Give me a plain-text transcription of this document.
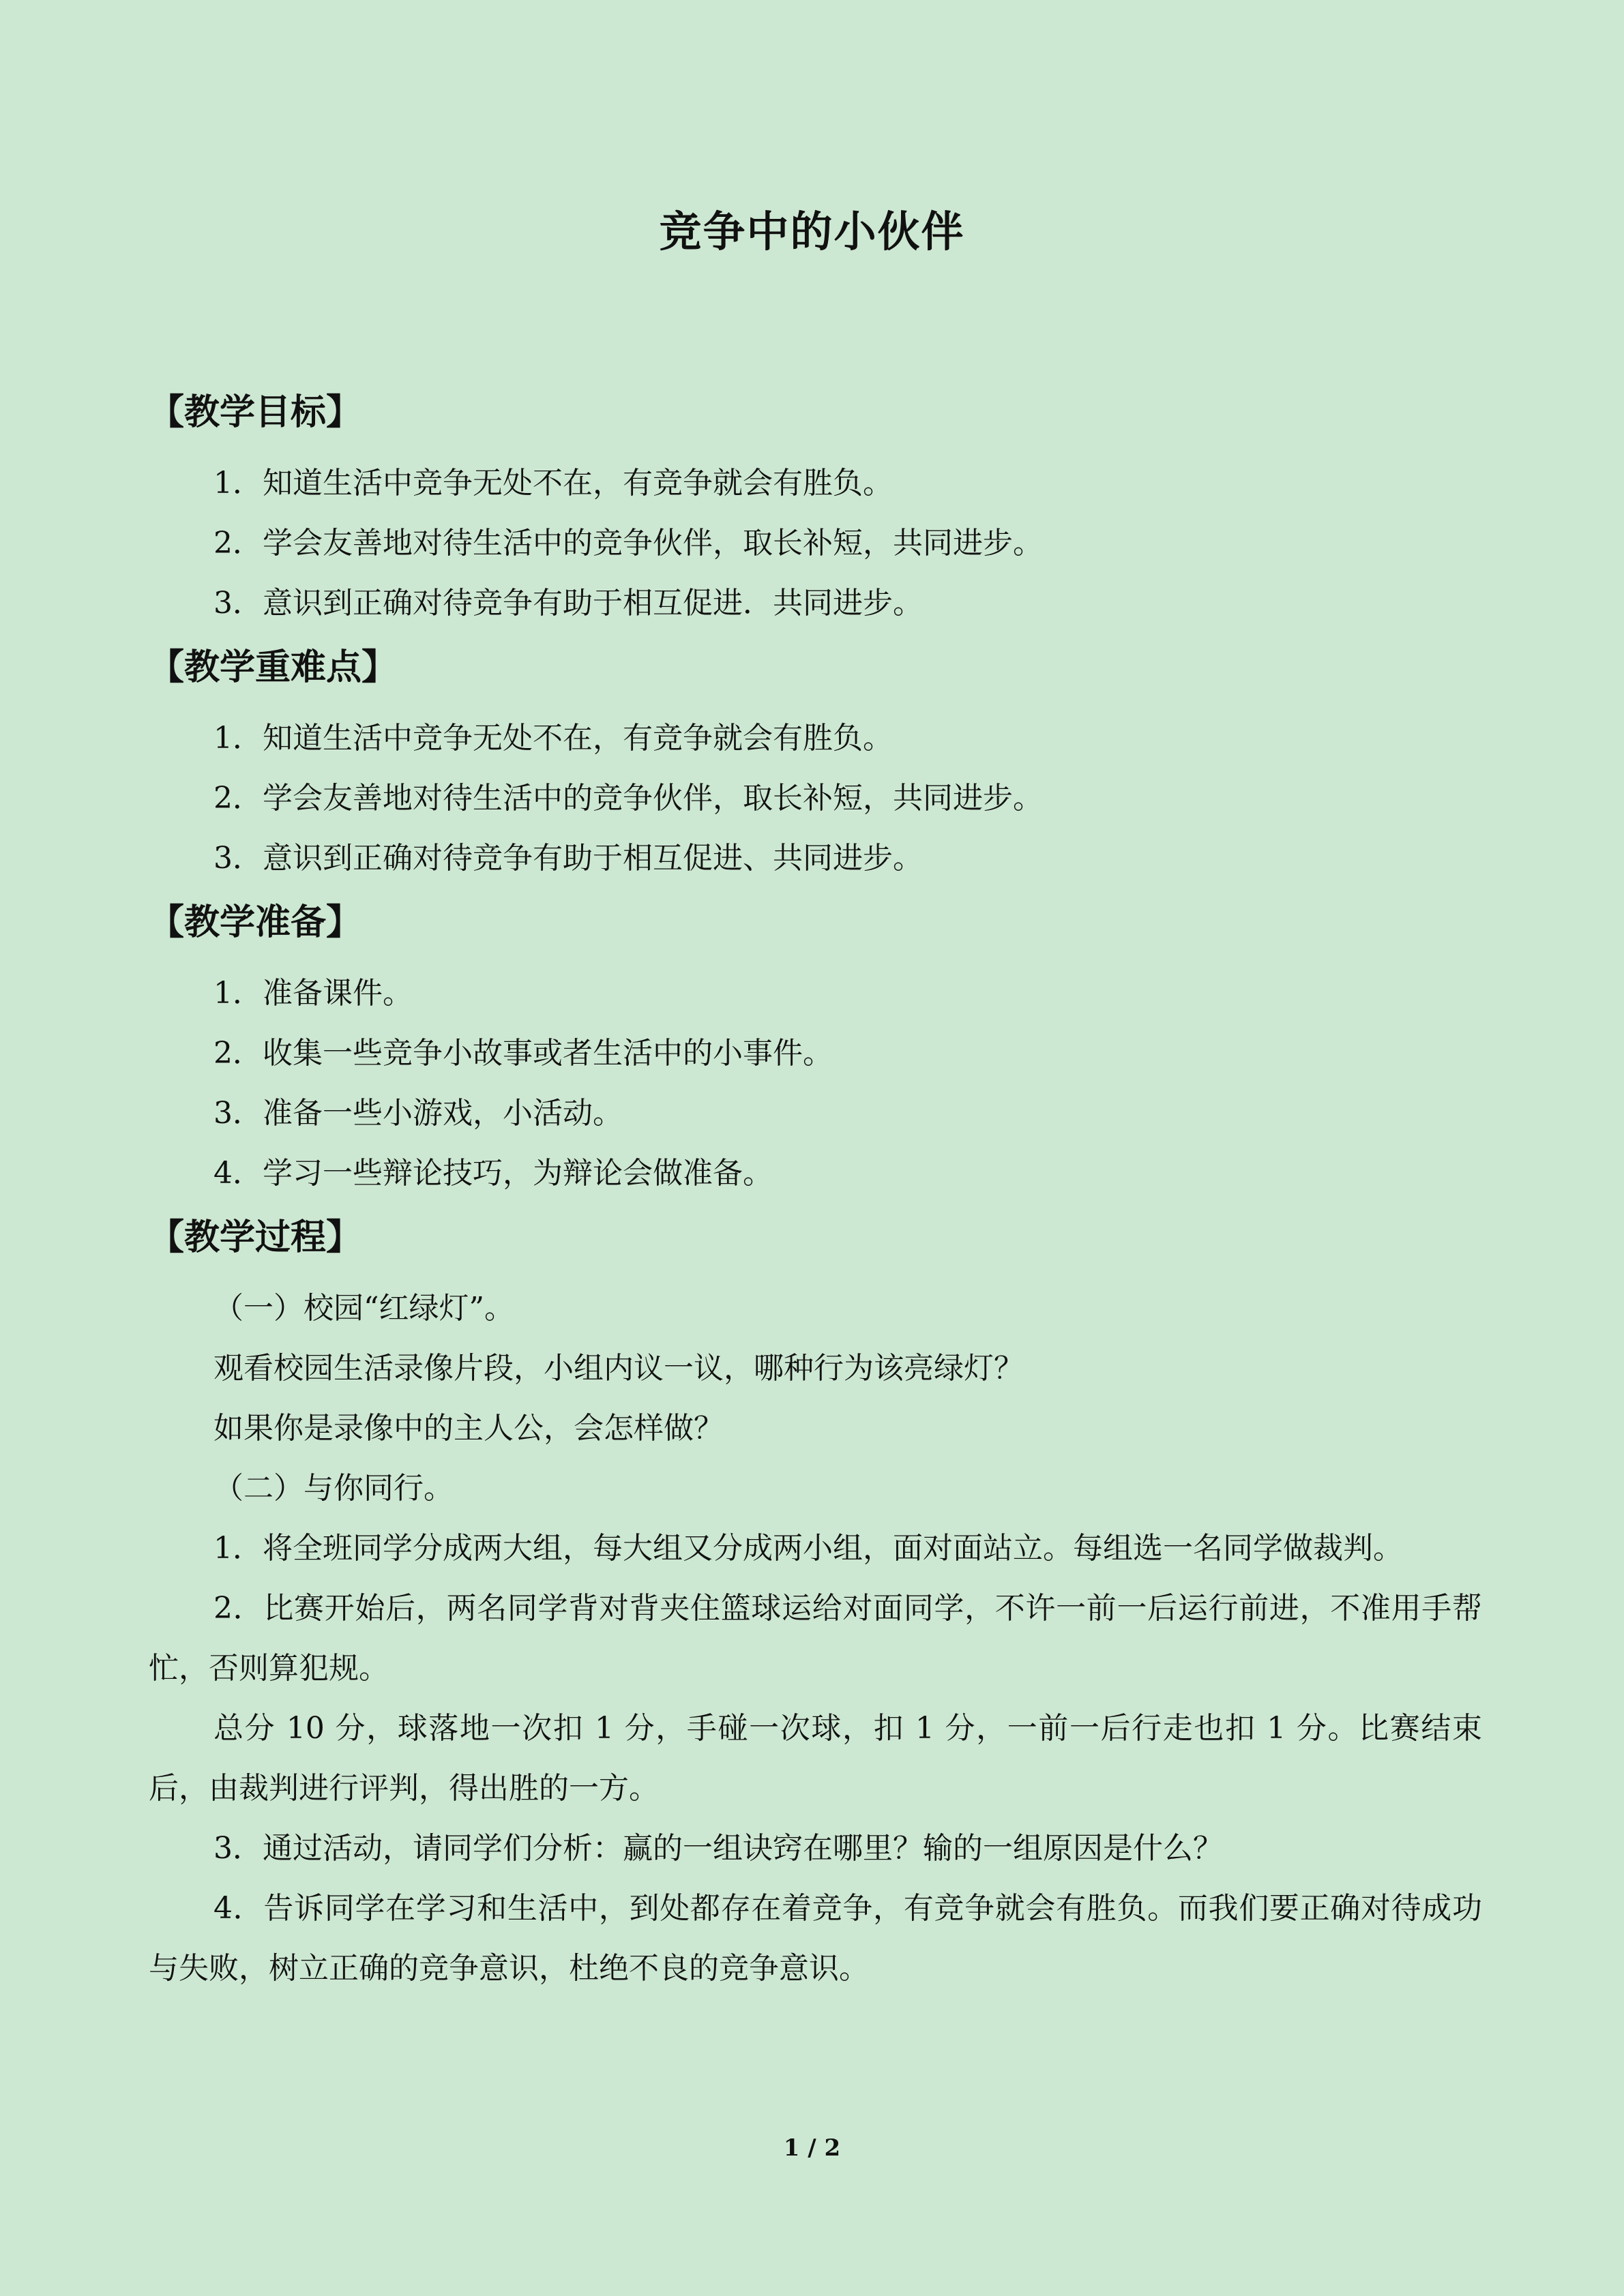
竞争中的小伙伴
【教学目标】
1．知道生活中竞争无处不在，有竞争就会有胜负。
2．学会友善地对待生活中的竞争伙伴，取长补短，共同进步。
3．意识到正确对待竞争有助于相互促进．共同进步。
【教学重难点】
1．知道生活中竞争无处不在，有竞争就会有胜负。
2．学会友善地对待生活中的竞争伙伴，取长补短，共同进步。
3．意识到正确对待竞争有助于相互促进、共同进步。
【教学准备】
1．准备课件。
2．收集一些竞争小故事或者生活中的小事件。
3．准备一些小游戏，小活动。
4．学习一些辩论技巧，为辩论会做准备。
【教学过程】
（一）校园“红绿灯”。
观看校园生活录像片段，小组内议一议，哪种行为该亮绿灯？
如果你是录像中的主人公，会怎样做？
（二）与你同行。

1．将全班同学分成两大组，每大组又分成两小组，面对面站立。每组选一名同学做裁判。

2．比赛开始后，两名同学背对背夹住篮球运给对面同学，不许一前一后运行前进，不准用手帮忙，否则算犯规。

总分 10 分，球落地一次扣 1 分，手碰一次球，扣 1 分，一前一后行走也扣 1 分。比赛结束后，由裁判进行评判，得出胜的一方。

3．通过活动，请同学们分析：赢的一组诀窍在哪里？输的一组原因是什么？

4．告诉同学在学习和生活中，到处都存在着竞争，有竞争就会有胜负。而我们要正确对待成功与失败，树立正确的竞争意识，杜绝不良的竞争意识。

1 / 2
